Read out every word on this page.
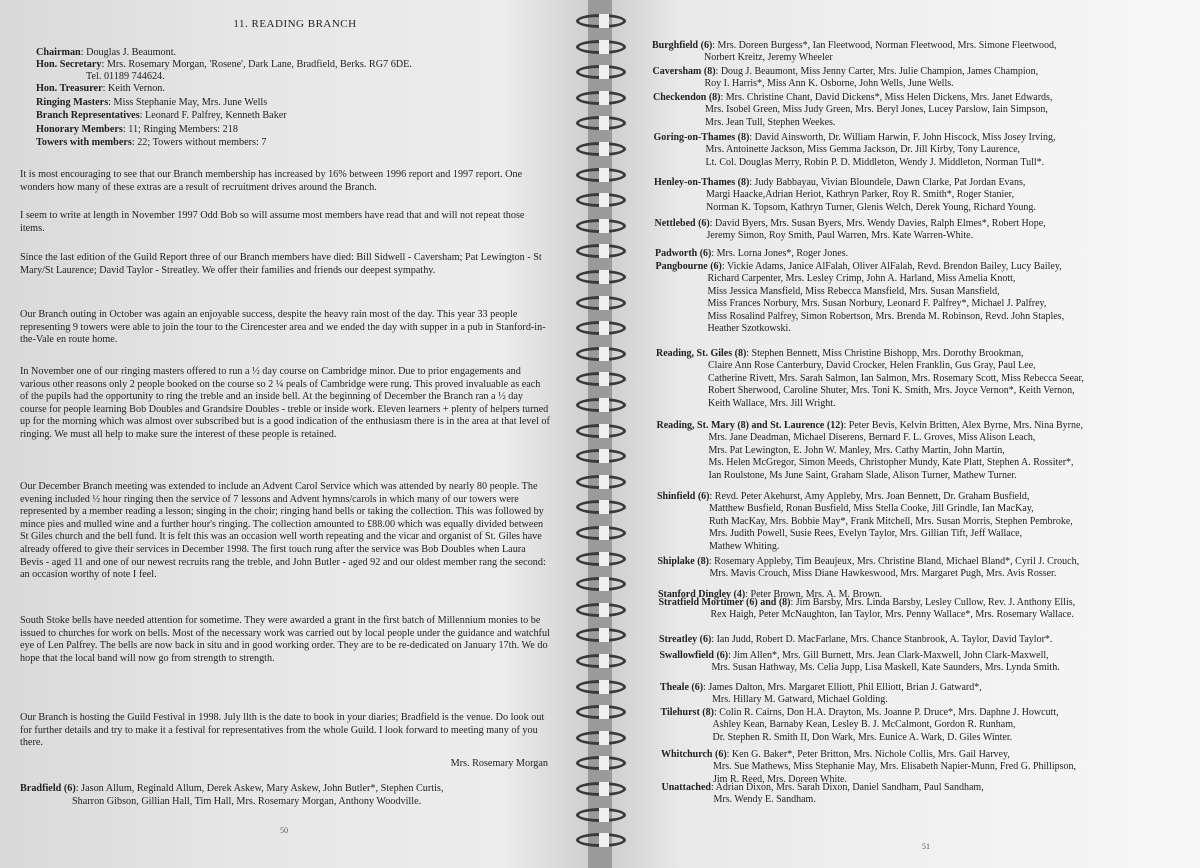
11. READING BRANCH
Chairman: Douglas J. Beaumont.
Hon. Secretary: Mrs. Rosemary Morgan, 'Rosene', Dark Lane, Bradfield, Berks. RG7 6DE.
Tel. 01189 744624.
Hon. Treasurer: Keith Vernon.
Ringing Masters: Miss Stephanie May, Mrs. June Wells
Branch Representatives: Leonard F. Palfrey, Kenneth Baker
Honorary Members: 11; Ringing Members: 218
Towers with members: 22; Towers without members: 7
It is most encouraging to see that our Branch membership has increased by 16% between 1996 report and 1997 report. One wonders how many of these extras are a result of recruitment drives around the Branch.
I seem to write at length in November 1997 Odd Bob so will assume most members have read that and will not repeat those items.
Since the last edition of the Guild Report three of our Branch members have died: Bill Sidwell - Caversham; Pat Lewington - St Mary/St Laurence; David Taylor - Streatley. We offer their families and friends our deepest sympathy.
Our Branch outing in October was again an enjoyable success, despite the heavy rain most of the day. This year 33 people representing 9 towers were able to join the tour to the Cirencester area and we ended the day with supper in a pub in Stanford-in-the-Vale en route home.
In November one of our ringing masters offered to run a ½ day course on Cambridge minor. Due to prior engagements and various other reasons only 2 people booked on the course so 2 ¼ peals of Cambridge were rung. This proved invaluable as each of the pupils had the opportunity to ring the treble and an inside bell. At the beginning of December the Branch ran a ½ day course for people learning Bob Doubles and Grandsire Doubles - treble or inside work. Eleven learners + plenty of helpers turned up for the morning which was almost over subscribed but is a good indication of the enthusiasm there is in the area at that level of ringing. We must all help to make sure the interest of these people is retained.
Our December Branch meeting was extended to include an Advent Carol Service which was attended by nearly 80 people. The evening included ½ hour ringing then the service of 7 lessons and Advent hymns/carols in which many of our towers were represented by a member reading a lesson; singing in the choir; ringing hand bells or taking the collection. This was followed by mince pies and mulled wine and a further hour's ringing. The collection amounted to £88.00 which was equally divided between St Giles church and the bell fund. It is felt this was an occasion well worth repeating and the vicar and organist of St. Giles have already offered to give their services in December 1998. The first touch rung after the service was Bob Doubles when Laura Bevis - aged 11 and one of our newest recruits rang the treble, and John Butler - aged 92 and our oldest member rang the second: an occasion worthy of note I feel.
South Stoke bells have needed attention for sometime. They were awarded a grant in the first batch of Millennium monies to be issued to churches for work on bells. Most of the necessary work was carried out by local people under the guidance and watchful eye of Len Palfrey. The bells are now back in situ and in good working order. They are to be re-dedicated on January 17th. We do hope that the local band will now go from strength to strength.
Our Branch is hosting the Guild Festival in 1998. July llth is the date to book in your diaries; Bradfield is the venue. Do look out for further details and try to make it a festival for representatives from the whole Guild. I look forward to meeting many of you there.
Mrs. Rosemary Morgan

Bradfield (6): Jason Allum, Reginald Allum, Derek Askew, Mary Askew, John Butler*, Stephen Curtis,

Sharron Gibson, Gillian Hall, Tim Hall, Mrs. Rosemary Morgan, Anthony Woodville.

50
Burghfield (6): Mrs. Doreen Burgess*, Ian Fleetwood, Norman Fleetwood, Mrs. Simone Fleetwood,
Norbert Kreitz, Jeremy Wheeler
Caversham (8): Doug J. Beaumont, Miss Jenny Carter, Mrs. Julie Champion, James Champion,
Roy I. Harris*, Miss Ann K. Osborne, John Wells, June Wells.
Checkendon (8): Mrs. Christine Chant, David Dickens*, Miss Helen Dickens, Mrs. Janet Edwards,
Mrs. Isobel Green, Miss Judy Green, Mrs. Beryl Jones, Lucey Parslow, Iain Simpson,
Mrs. Jean Tull, Stephen Weekes.
Goring-on-Thames (8): David Ainsworth, Dr. William Harwin, F. John Hiscock, Miss Josey Irving,
Mrs. Antoinette Jackson, Miss Gemma Jackson, Dr. Jill Kirby, Tony Laurence,
Lt. Col. Douglas Merry, Robin P. D. Middleton, Wendy J. Middleton, Norman Tull*.
Henley-on-Thames (8): Judy Babbayau, Vivian Bloundele, Dawn Clarke, Pat Jordan Evans,
Margi Haacke,Adrian Heriot, Kathryn Parker, Roy R. Smith*, Roger Stanier,
Norman K. Topsom, Kathryn Turner, Glenis Welch, Derek Young, Richard Young.
Nettlebed (6): David Byers, Mrs. Susan Byers, Mrs. Wendy Davies, Ralph Elmes*, Robert Hope,
Jeremy Simon, Roy Smith, Paul Warren, Mrs. Kate Warren-White.
Padworth (6): Mrs. Lorna Jones*, Roger Jones.
Pangbourne (6): Vickie Adams, Janice AlFalah, Oliver AlFalah, Revd. Brendon Bailey, Lucy Bailey,
Richard Carpenter, Mrs. Lesley Crimp, John A. Harland, Miss Amelia Knott,
Miss Jessica Mansfield, Miss Rebecca Mansfield, Mrs. Susan Mansfield,
Miss Frances Norbury, Mrs. Susan Norbury, Leonard F. Palfrey*, Michael J. Palfrey,
Miss Rosalind Palfrey, Simon Robertson, Mrs. Brenda M. Robinson, Revd. John Staples,
Heather Szotkowski.
Reading, St. Giles (8): Stephen Bennett, Miss Christine Bishopp, Mrs. Dorothy Brookman,
Claire Ann Rose Canterbury, David Crocker, Helen Franklin, Gus Gray, Paul Lee,
Catherine Rivett, Mrs. Sarah Salmon, Ian Salmon, Mrs. Rosemary Scott, Miss Rebecca Seear,
Robert Sherwood, Caroline Shuter, Mrs. Toni K. Smith, Mrs. Joyce Vernon*, Keith Vernon,
Keith Wallace, Mrs. Jill Wright.
Reading, St. Mary (8) and St. Laurence (12): Peter Bevis, Kelvin Britten, Alex Byrne, Mrs. Nina Byrne,
Mrs. Jane Deadman, Michael Diserens, Bernard F. L. Groves, Miss Alison Leach,
Mrs. Pat Lewington, E. John W. Manley, Mrs. Cathy Martin, John Martin,
Ms. Helen McGregor, Simon Meeds, Christopher Mundy, Kate Platt, Stephen A. Rossiter*,
Ian Roulstone, Ms June Saint, Graham Slade, Alison Turner, Mathew Turner.
Shinfield (6): Revd. Peter Akehurst, Amy Appleby, Mrs. Joan Bennett, Dr. Graham Busfield,
Matthew Busfield, Ronan Busfield, Miss Stella Cooke, Jill Grindle, Ian MacKay,
Ruth MacKay, Mrs. Bobbie May*, Frank Mitchell, Mrs. Susan Morris, Stephen Pembroke,
Mrs. Judith Powell, Susie Rees, Evelyn Taylor, Mrs. Gillian Tift, Jeff Wallace,
Mathew Whiting.
Shiplake (8): Rosemary Appleby, Tim Beaujeux, Mrs. Christine Bland, Michael Bland*, Cyril J. Crouch,
Mrs. Mavis Crouch, Miss Diane Hawkeswood, Mrs. Margaret Pugh, Mrs. Avis Rosser.
Stanford Dingley (4): Peter Brown, Mrs. A. M. Brown.
Stratfield Mortimer (6) and (8): Jim Barsby, Mrs. Linda Barsby, Lesley Cullow, Rev. J. Anthony Ellis,
Rex Haigh, Peter McNaughton, Ian Taylor, Mrs. Penny Wallace*, Mrs. Rosemary Wallace.
Streatley (6): Ian Judd, Robert D. MacFarlane, Mrs. Chance Stanbrook, A. Taylor, David Taylor*.
Swallowfield (6): Jim Allen*, Mrs. Gill Burnett, Mrs. Jean Clark-Maxwell, John Clark-Maxwell,
Mrs. Susan Hathway, Ms. Celia Jupp, Lisa Maskell, Kate Saunders, Mrs. Lynda Smith.
Theale (6): James Dalton, Mrs. Margaret Elliott, Phil Elliott, Brian J. Gatward*,
Mrs. Hillary M. Gatward, Michael Golding.
Tilehurst (8): Colin R. Cairns, Don H.A. Drayton, Ms. Joanne P. Druce*, Mrs. Daphne J. Howcutt,
Ashley Kean, Barnaby Kean, Lesley B. J. McCalmont, Gordon R. Runham,
Dr. Stephen R. Smith II, Don Wark, Mrs. Eunice A. Wark, D. Giles Winter.
Whitchurch (6): Ken G. Baker*, Peter Britton, Mrs. Nichole Collis, Mrs. Gail Harvey,
Mrs. Sue Mathews, Miss Stephanie May, Mrs. Elisabeth Napier-Munn, Fred G. Phillipson,
Jim R. Reed, Mrs. Doreen White.
Unattached: Adrian Dixon, Mrs. Sarah Dixon, Daniel Sandham, Paul Sandham,
Mrs. Wendy E. Sandham.
51
